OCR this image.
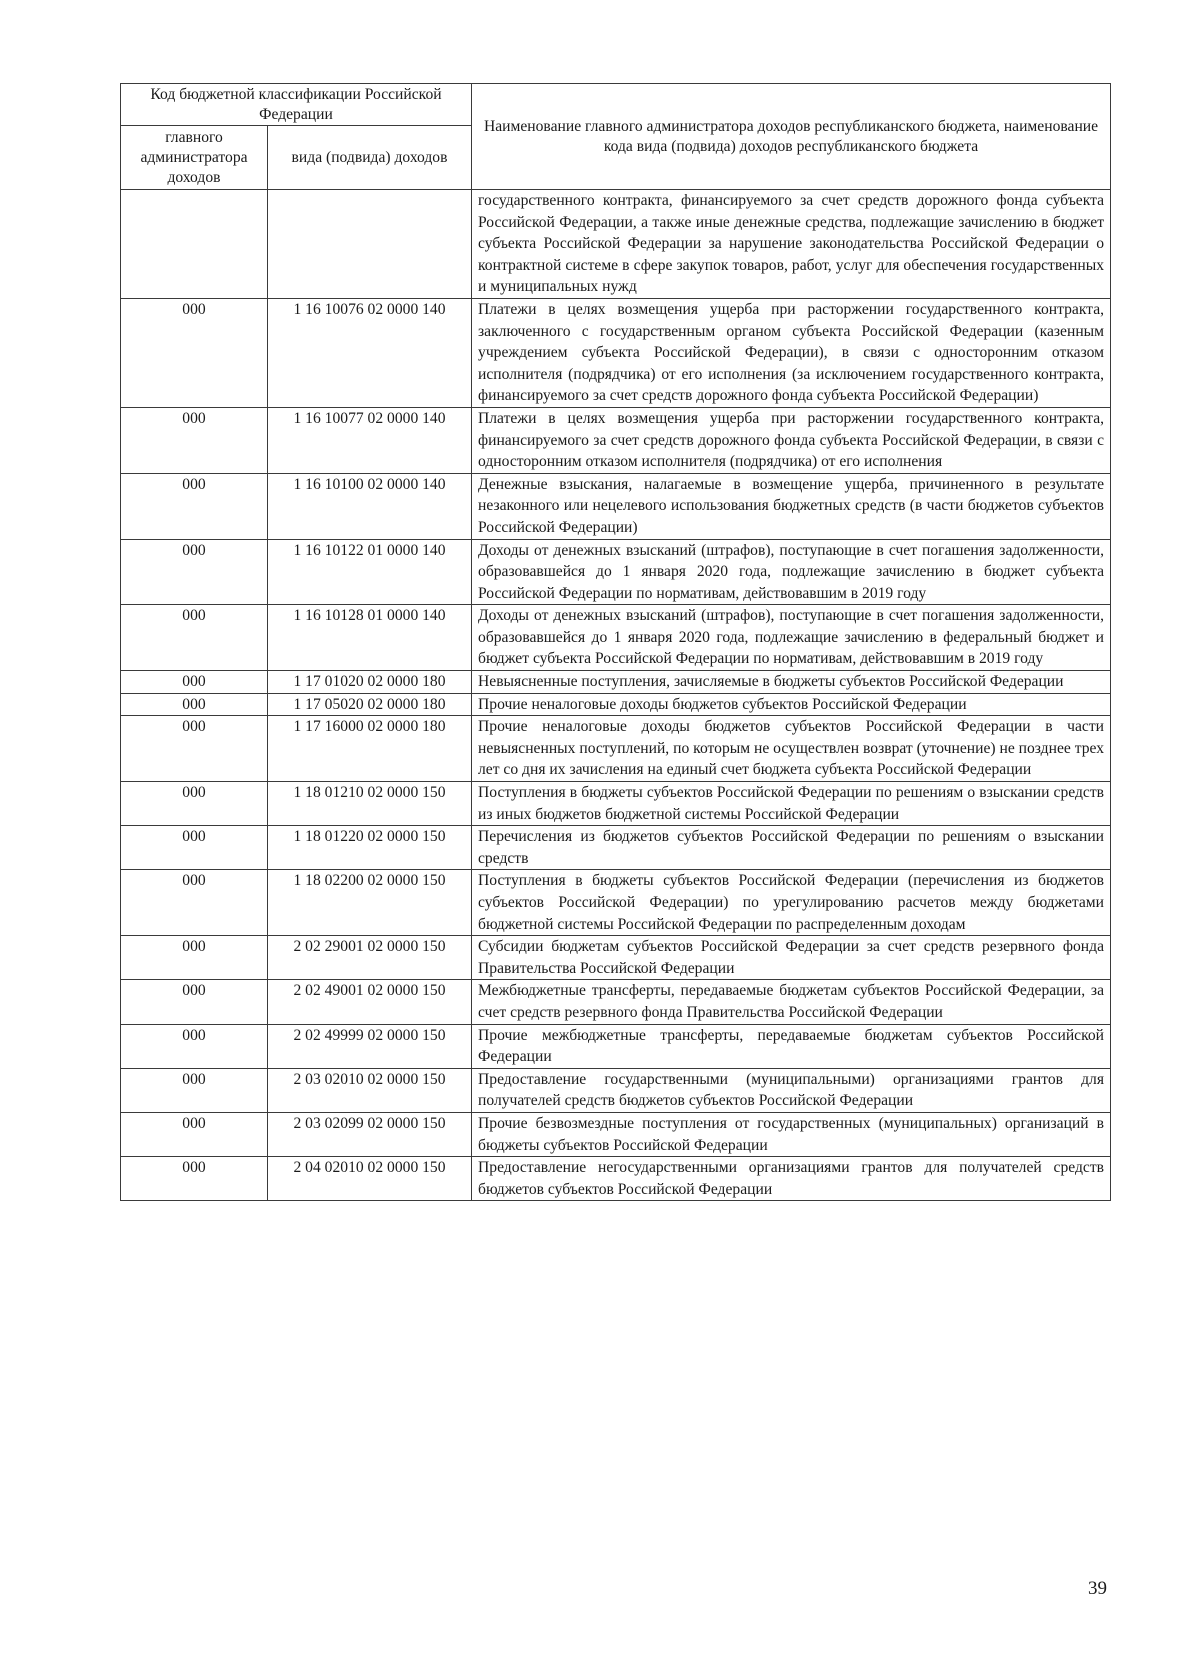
Код бюджетной классификации Российской Федерации		Наименование главного администратора доходов республиканского бюджета, наименование кода вида (подвида) доходов республиканского бюджета
главного администратора доходов	вида (подвида) доходов	
		государственного контракта, финансируемого за счет средств дорожного фонда субъекта Российской Федерации, а также иные денежные средства, подлежащие зачислению в бюджет субъекта Российской Федерации за нарушение законодательства Российской Федерации о контрактной системе в сфере закупок товаров, работ, услуг для обеспечения государственных и муниципальных нужд
000	1 16 10076 02 0000 140	Платежи в целях возмещения ущерба при расторжении государственного контракта, заключенного с государственным органом субъекта Российской Федерации (казенным учреждением субъекта Российской Федерации), в связи с односторонним отказом исполнителя (подрядчика) от его исполнения (за исключением государственного контракта, финансируемого за счет средств дорожного фонда субъекта Российской Федерации)
000	1 16 10077 02 0000 140	Платежи в целях возмещения ущерба при расторжении государственного контракта, финансируемого за счет средств дорожного фонда субъекта Российской Федерации, в связи с односторонним отказом исполнителя (подрядчика) от его исполнения
000	1 16 10100 02 0000 140	Денежные взыскания, налагаемые в возмещение ущерба, причиненного в результате незаконного или нецелевого использования бюджетных средств (в части бюджетов субъектов Российской Федерации)
000	1 16 10122 01 0000 140	Доходы от денежных взысканий (штрафов), поступающие в счет погашения задолженности, образовавшейся до 1 января 2020 года, подлежащие зачислению в бюджет субъекта Российской Федерации по нормативам, действовавшим в 2019 году
000	1 16 10128 01 0000 140	Доходы от денежных взысканий (штрафов), поступающие в счет погашения задолженности, образовавшейся до 1 января 2020 года, подлежащие зачислению в федеральный бюджет и бюджет субъекта Российской Федерации по нормативам, действовавшим в 2019 году
000	1 17 01020 02 0000 180	Невыясненные поступления, зачисляемые в бюджеты субъектов Российской Федерации
000	1 17 05020 02 0000 180	Прочие неналоговые доходы бюджетов субъектов Российской Федерации
000	1 17 16000 02 0000 180	Прочие неналоговые доходы бюджетов субъектов Российской Федерации в части невыясненных поступлений, по которым не осуществлен возврат (уточнение) не позднее трех лет со дня их зачисления на единый счет бюджета субъекта Российской Федерации
000	1 18 01210 02 0000 150	Поступления в бюджеты субъектов Российской Федерации по решениям о взыскании средств из иных бюджетов бюджетной системы Российской Федерации
000	1 18 01220 02 0000 150	Перечисления из бюджетов субъектов Российской Федерации по решениям о взыскании средств
000	1 18 02200 02 0000 150	Поступления в бюджеты субъектов Российской Федерации (перечисления из бюджетов субъектов Российской Федерации) по урегулированию расчетов между бюджетами бюджетной системы Российской Федерации по распределенным доходам
000	2 02 29001 02 0000 150	Субсидии бюджетам субъектов Российской Федерации за счет средств резервного фонда Правительства Российской Федерации
000	2 02 49001 02 0000 150	Межбюджетные трансферты, передаваемые бюджетам субъектов Российской Федерации, за счет средств резервного фонда Правительства Российской Федерации
000	2 02 49999 02 0000 150	Прочие межбюджетные трансферты, передаваемые бюджетам субъектов Российской Федерации
000	2 03 02010 02 0000 150	Предоставление государственными (муниципальными) организациями грантов для получателей средств бюджетов субъектов Российской Федерации
000	2 03 02099 02 0000 150	Прочие безвозмездные поступления от государственных (муниципальных) организаций в бюджеты субъектов Российской Федерации
000	2 04 02010 02 0000 150	Предоставление негосударственными организациями грантов для получателей средств бюджетов субъектов Российской Федерации
39
